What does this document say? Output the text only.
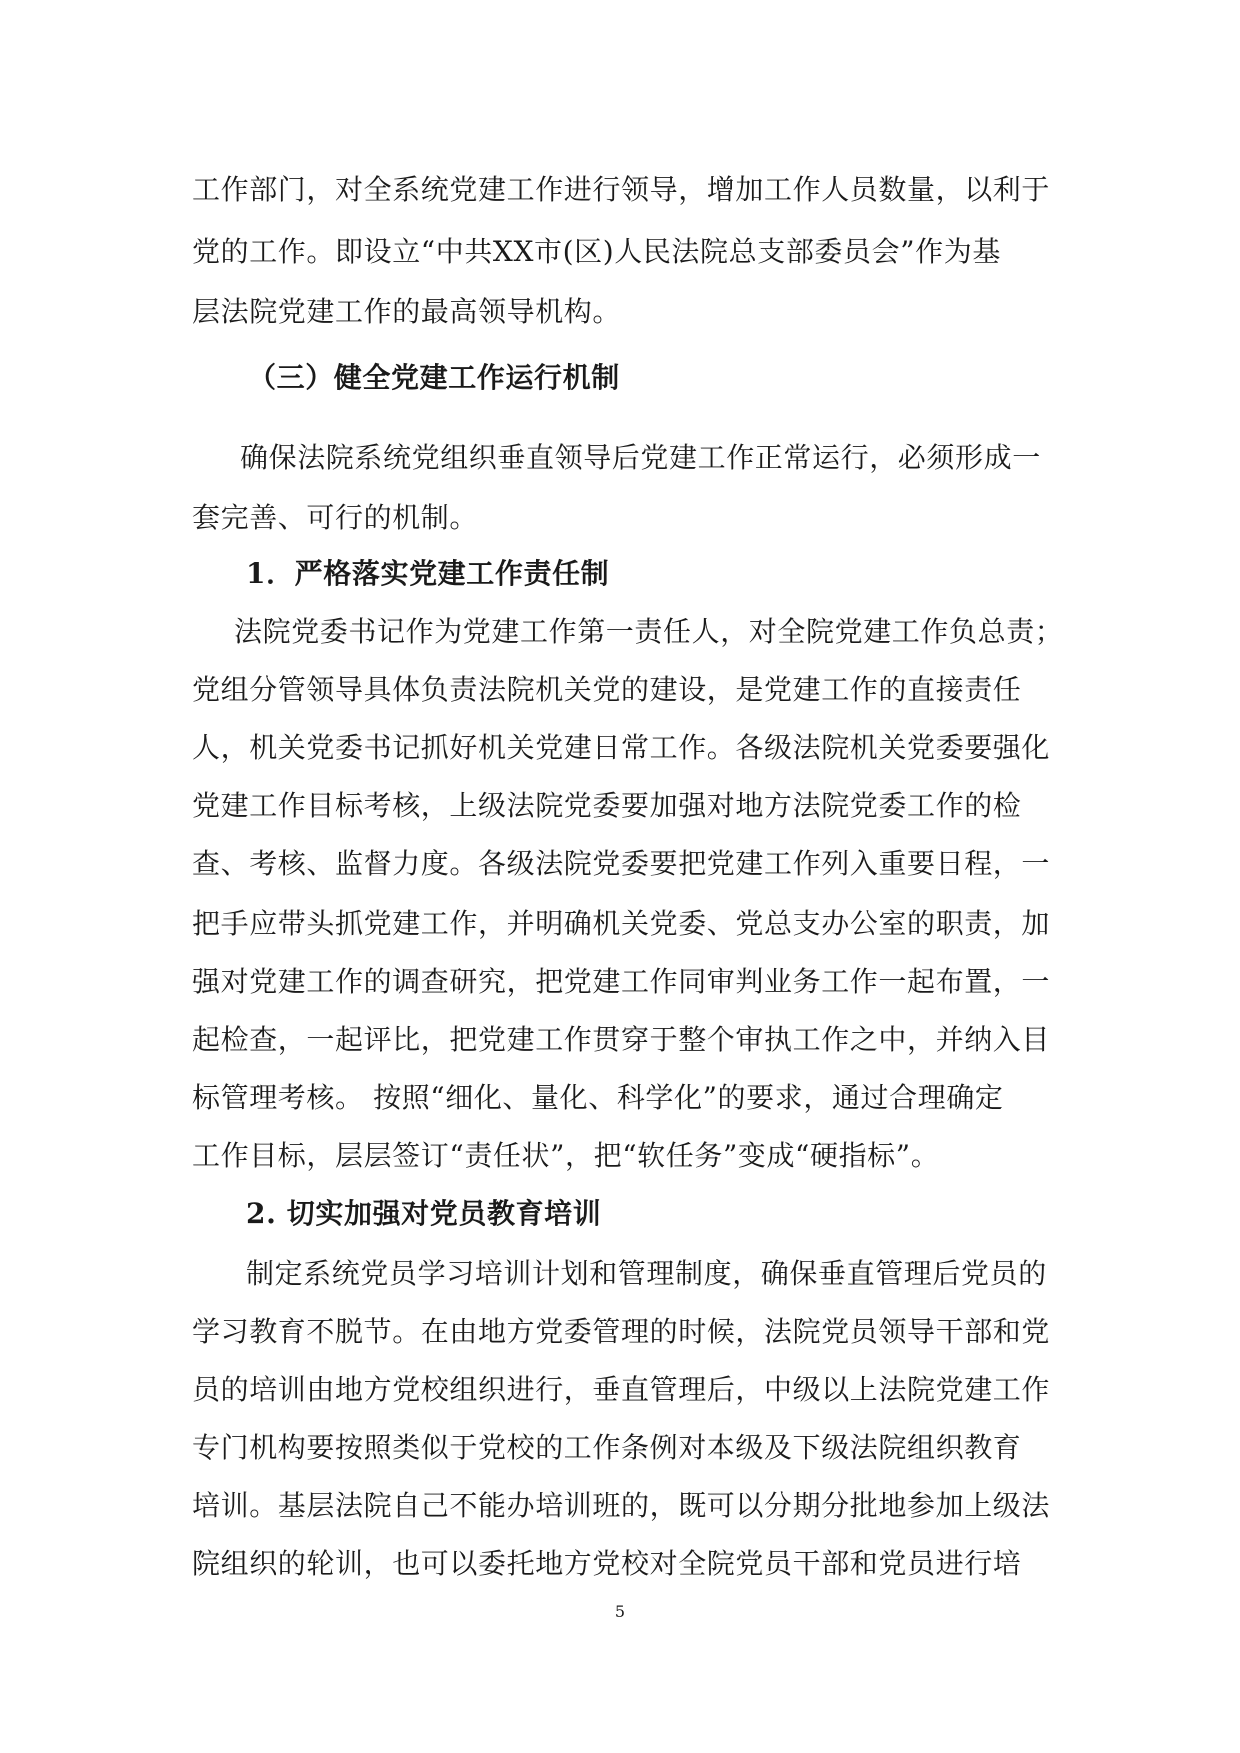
工作部门，对全系统党建工作进行领导，增加工作人员数量，以利于
党的工作。即设立“中共XX市(区)人民法院总支部委员会”作为基
层法院党建工作的最高领导机构。
（三）健全党建工作运行机制
确保法院系统党组织垂直领导后党建工作正常运行，必须形成一
套完善、可行的机制。
1．严格落实党建工作责任制
法院党委书记作为党建工作第一责任人，对全院党建工作负总责；
党组分管领导具体负责法院机关党的建设，是党建工作的直接责任
人，机关党委书记抓好机关党建日常工作。各级法院机关党委要强化
党建工作目标考核，上级法院党委要加强对地方法院党委工作的检
查、考核、监督力度。各级法院党委要把党建工作列入重要日程，一
把手应带头抓党建工作，并明确机关党委、党总支办公室的职责，加
强对党建工作的调查研究，把党建工作同审判业务工作一起布置，一
起检查，一起评比，把党建工作贯穿于整个审执工作之中，并纳入目
标管理考核。 按照“细化、量化、科学化”的要求，通过合理确定
工作目标，层层签订“责任状”，把“软任务”变成“硬指标”。
2. 切实加强对党员教育培训
制定系统党员学习培训计划和管理制度，确保垂直管理后党员的
学习教育不脱节。在由地方党委管理的时候，法院党员领导干部和党
员的培训由地方党校组织进行，垂直管理后，中级以上法院党建工作
专门机构要按照类似于党校的工作条例对本级及下级法院组织教育
培训。基层法院自己不能办培训班的，既可以分期分批地参加上级法
院组织的轮训，也可以委托地方党校对全院党员干部和党员进行培
5
